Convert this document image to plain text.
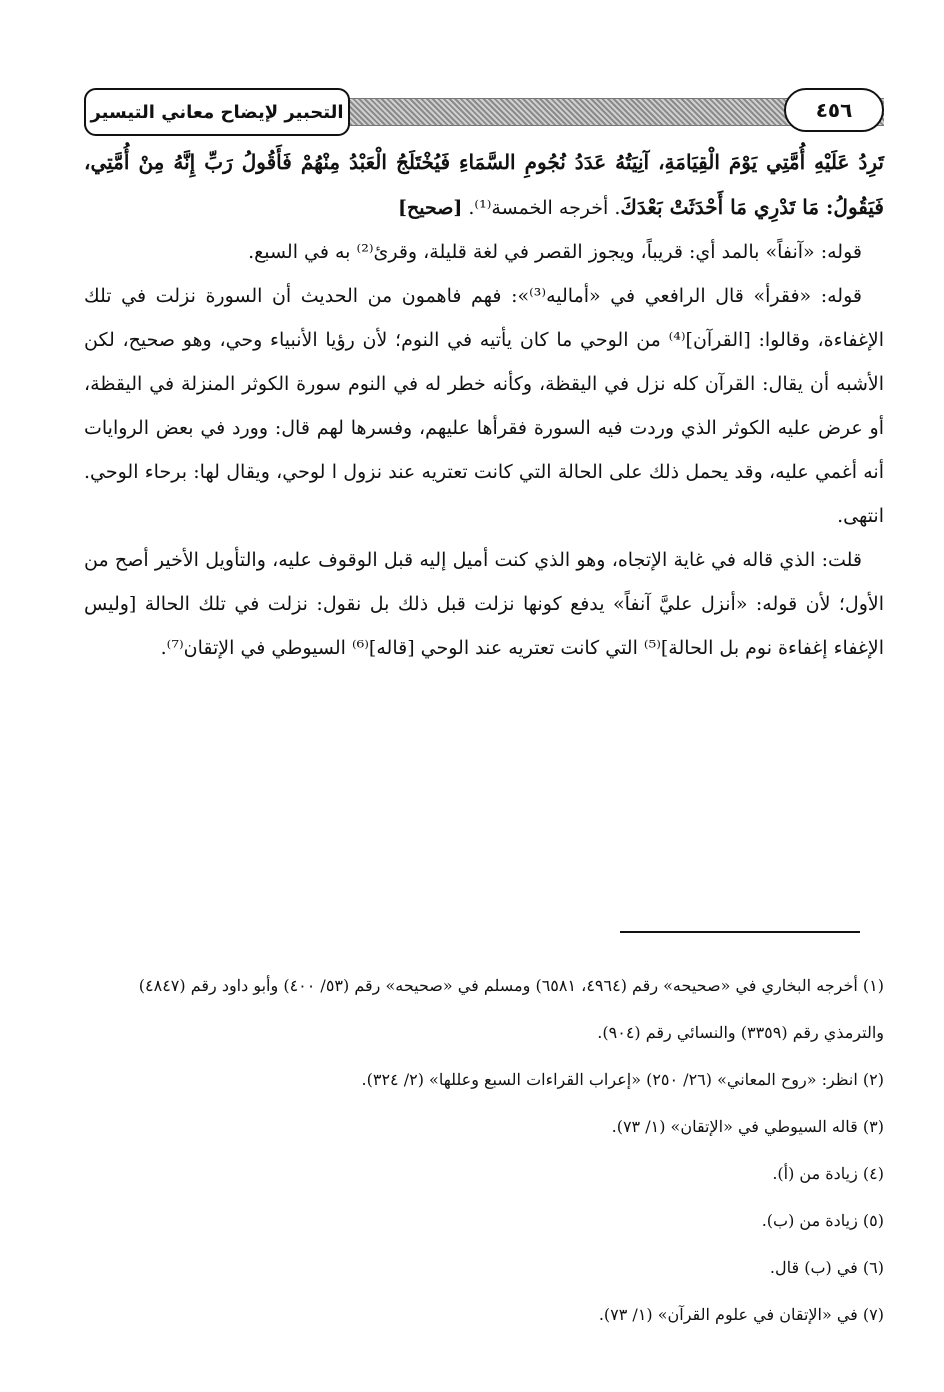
٤٥٦
التحبير لإيضاح معاني التيسير

تَرِدُ عَلَيْهِ أُمَّتِي يَوْمَ الْقِيَامَةِ، آنِيَتُهُ عَدَدُ نُجُومِ السَّمَاءِ فَيُخْتَلَجُ الْعَبْدُ مِنْهُمْ فَأَقُولُ رَبِّ إِنَّهُ مِنْ أُمَّتِي، فَيَقُولُ: مَا تَدْرِي مَا أَحْدَثَتْ بَعْدَكَ. أخرجه الخمسة⁽¹⁾. [صحيح]

قوله: «آنفاً» بالمد أي: قريباً، ويجوز القصر في لغة قليلة، وقرئ⁽²⁾ به في السبع.

قوله: «فقرأ» قال الرافعي في «أماليه⁽³⁾»: فهم فاهمون من الحديث أن السورة نزلت في تلك الإغفاءة، وقالوا: [القرآن]⁽⁴⁾ من الوحي ما كان يأتيه في النوم؛ لأن رؤيا الأنبياء وحي، وهو صحيح، لكن الأشبه أن يقال: القرآن كله نزل في اليقظة، وكأنه خطر له في النوم سورة الكوثر المنزلة في اليقظة، أو عرض عليه الكوثر الذي وردت فيه السورة فقرأها عليهم، وفسرها لهم قال: وورد في بعض الروايات أنه أغمي عليه، وقد يحمل ذلك على الحالة التي كانت تعتريه عند نزول ا لوحي، ويقال لها: برحاء الوحي. انتهى.

قلت: الذي قاله في غاية الإتجاه، وهو الذي كنت أميل إليه قبل الوقوف عليه، والتأويل الأخير أصح من الأول؛ لأن قوله: «أنزل عليَّ آنفاً» يدفع كونها نزلت قبل ذلك بل نقول: نزلت في تلك الحالة [وليس الإغفاء إغفاءة نوم بل الحالة]⁽⁵⁾ التي كانت تعتريه عند الوحي [قاله]⁽⁶⁾ السيوطي في الإتقان⁽⁷⁾.

(١) أخرجه البخاري في «صحيحه» رقم (٤٩٦٤، ٦٥٨١) ومسلم في «صحيحه» رقم (٥٣/ ٤٠٠) وأبو داود رقم (٤٨٤٧) والترمذي رقم (٣٣٥٩) والنسائي رقم (٩٠٤).

(٢) انظر: «روح المعاني» (٢٦/ ٢٥٠) «إعراب القراءات السبع وعللها» (٢/ ٣٢٤).

(٣) قاله السيوطي في «الإتقان» (١/ ٧٣).

(٤) زيادة من (أ).

(٥) زيادة من (ب).

(٦) في (ب) قال.

(٧) في «الإتقان في علوم القرآن» (١/ ٧٣).
